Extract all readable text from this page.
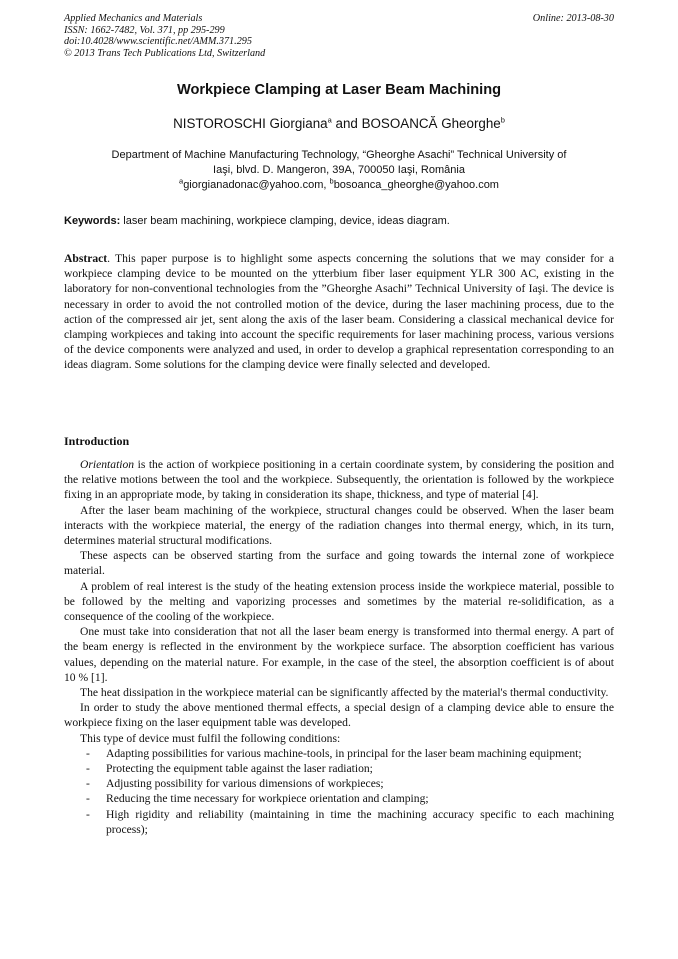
Applied Mechanics and Materials
ISSN: 1662-7482, Vol. 371, pp 295-299
doi:10.4028/www.scientific.net/AMM.371.295
© 2013 Trans Tech Publications Ltd, Switzerland
Online: 2013-08-30
Workpiece Clamping at Laser Beam Machining
NISTOROSCHI Giorgiana$^a$ and BOSOANCĂ Gheorghe$^b$
Department of Machine Manufacturing Technology, “Gheorghe Asachi” Technical University of
Iaşi, blvd. D. Mangeron, 39A, 700050 Iaşi, România
$^a$giorgianadonac@yahoo.com, $^b$bosoanca_gheorghe@yahoo.com
Keywords: laser beam machining, workpiece clamping, device, ideas diagram.
Abstract. This paper purpose is to highlight some aspects concerning the solutions that we may consider for a workpiece clamping device to be mounted on the ytterbium fiber laser equipment YLR 300 AC, existing in the laboratory for non-conventional technologies from the ”Gheorghe Asachi” Technical University of Iaşi. The device is necessary in order to avoid the not controlled motion of the device, during the laser machining process, due to the action of the compressed air jet, sent along the axis of the laser beam. Considering a classical mechanical device for clamping workpieces and taking into account the specific requirements for laser machining process, various versions of the device components were analyzed and used, in order to develop a graphical representation corresponding to an ideas diagram. Some solutions for the clamping device were finally selected and developed.
Introduction

Orientation is the action of workpiece positioning in a certain coordinate system, by considering the position and the relative motions between the tool and the workpiece. Subsequently, the orientation is followed by the workpiece fixing in an appropriate mode, by taking in consideration its shape, thickness, and type of material [4].

After the laser beam machining of the workpiece, structural changes could be observed. When the laser beam interacts with the workpiece material, the energy of the radiation changes into thermal energy, which, in its turn, determines material structural modifications.

These aspects can be observed starting from the surface and going towards the internal zone of workpiece material.

A problem of real interest is the study of the heating extension process inside the workpiece material, possible to be followed by the melting and vaporizing processes and sometimes by the material re-solidification, as a consequence of the cooling of the workpiece.

One must take into consideration that not all the laser beam energy is transformed into thermal energy. A part of the beam energy is reflected in the environment by the workpiece surface. The absorption coefficient has various values, depending on the material nature. For example, in the case of the steel, the absorption coefficient is of about 10 % [1].

The heat dissipation in the workpiece material can be significantly affected by the material's thermal conductivity.

In order to study the above mentioned thermal effects, a special design of a clamping device able to ensure the workpiece fixing on the laser equipment table was developed.

This type of device must fulfil the following conditions:

- Adapting possibilities for various machine-tools, in principal for the laser beam machining equipment;
- Protecting the equipment table against the laser radiation;
- Adjusting possibility for various dimensions of workpieces;
- Reducing the time necessary for workpiece orientation and clamping;
- High rigidity and reliability (maintaining in time the machining accuracy specific to each machining process);
